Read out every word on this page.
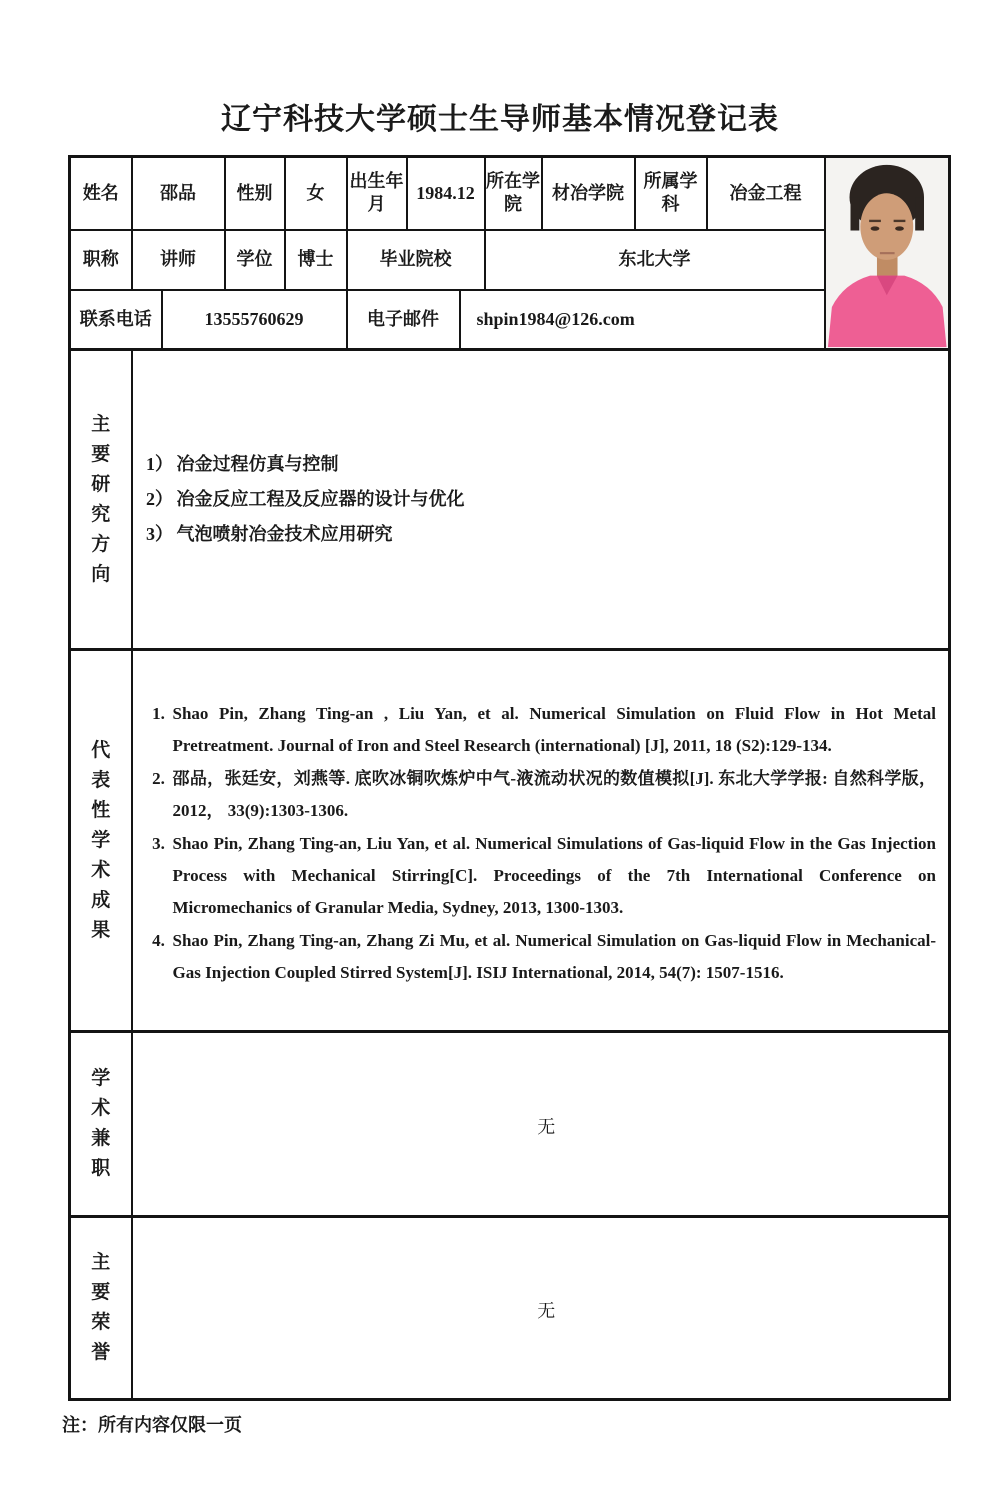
辽宁科技大学硕士生导师基本情况登记表
姓名	邵品		性别	女	出生年月	1984.12		所在学院	材冶学院	所属学科	冶金工程	

职称	讲师		学位	博士	毕业院校			东北大学				
联系电话		13555760629			电子邮件		shpin1984@126.com					

主要研究方向

1） 冶金过程仿真与控制
2） 冶金反应工程及反应器的设计与优化
3） 气泡喷射冶金技术应用研究

代表性学术成果

1. Shao Pin, Zhang Ting-an , Liu Yan, et al. Numerical Simulation on Fluid Flow in Hot Metal Pretreatment. Journal of Iron and Steel Research (international) [J], 2011, 18 (S2):129-134.
2. 邵品，张廷安，刘燕等. 底吹冰铜吹炼炉中气-液流动状况的数值模拟[J]. 东北大学学报: 自然科学版，2012， 33(9):1303-1306.
3. Shao Pin, Zhang Ting-an, Liu Yan, et al. Numerical Simulations of Gas-liquid Flow in the Gas Injection Process with Mechanical Stirring[C]. Proceedings of the 7th International Conference on Micromechanics of Granular Media, Sydney, 2013, 1300-1303.
4. Shao Pin, Zhang Ting-an, Zhang Zi Mu, et al. Numerical Simulation on Gas-liquid Flow in Mechanical-Gas Injection Coupled Stirred System[J]. ISIJ International, 2014, 54(7): 1507-1516.

学术兼职	无											

主要荣誉	无											
注：所有内容仅限一页
